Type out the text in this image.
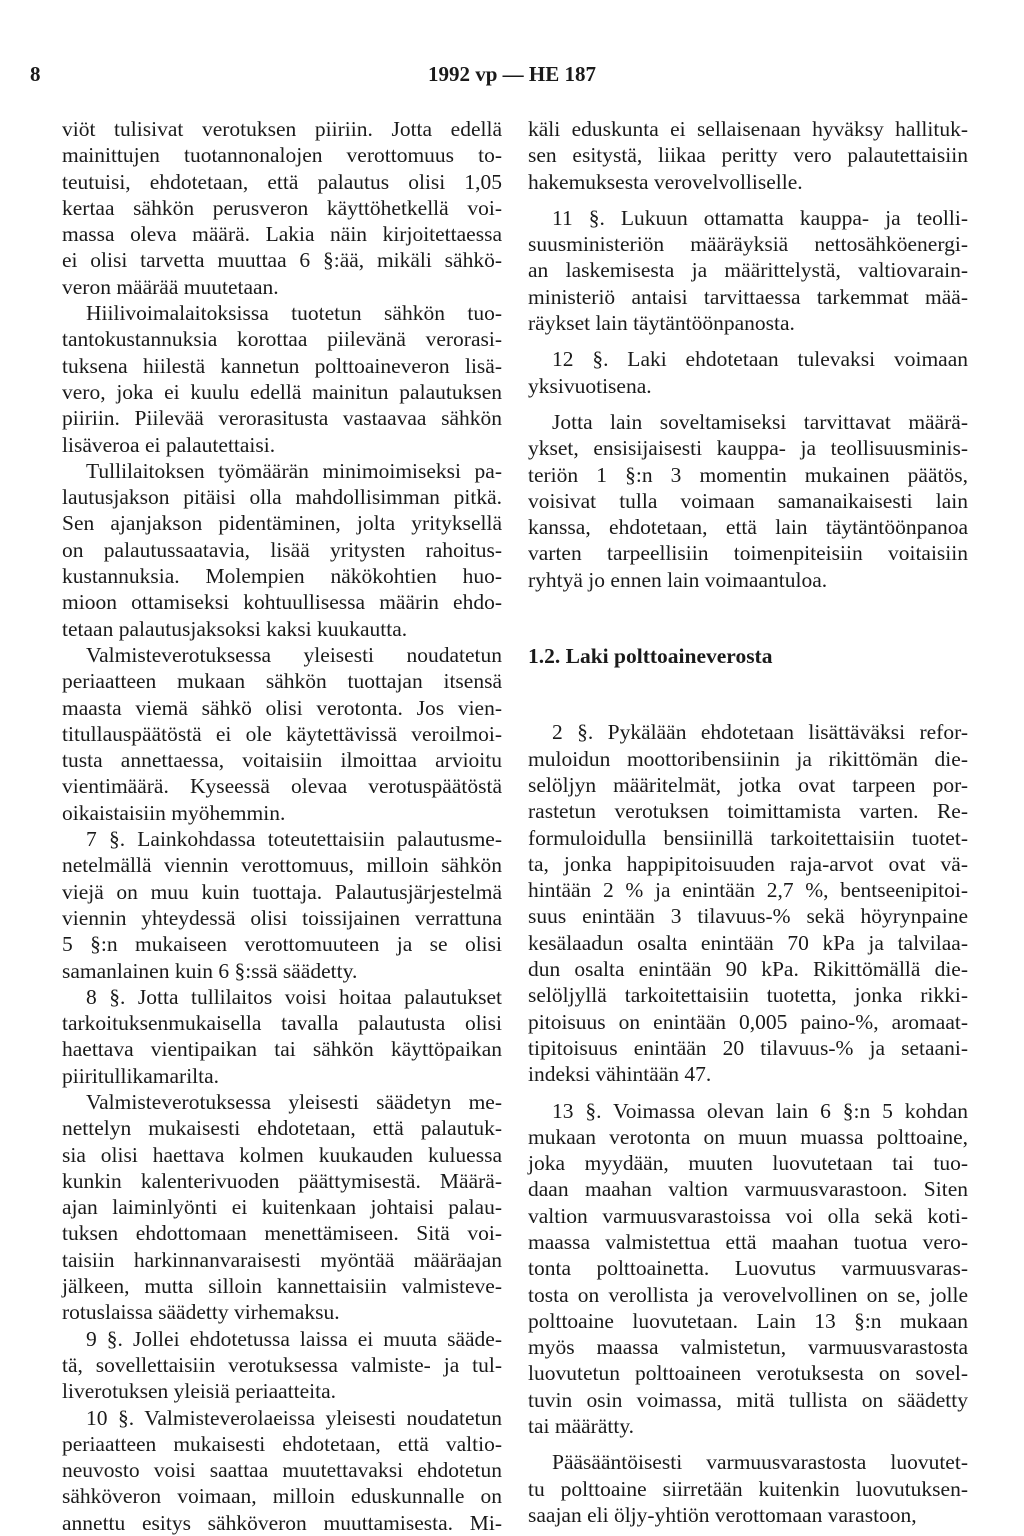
8	1992 vp — HE 187

viöt tulisivat verotuksen piiriin. Jotta edellä
mainittujen tuotannonalojen verottomuus to-
teutuisi, ehdotetaan, että palautus olisi 1,05
kertaa sähkön perusveron käyttöhetkellä voi-
massa oleva määrä. Lakia näin kirjoitettaessa
ei olisi tarvetta muuttaa 6 §:ää, mikäli sähkö-
veron määrää muutetaan.

Hiilivoimalaitoksissa tuotetun sähkön tuo-
tantokustannuksia korottaa piilevänä verorasi-
tuksena hiilestä kannetun polttoaineveron lisä-
vero, joka ei kuulu edellä mainitun palautuksen
piiriin. Piilevää verorasitusta vastaavaa sähkön
lisäveroa ei palautettaisi.

Tullilaitoksen työmäärän minimoimiseksi pa-
lautusjakson pitäisi olla mahdollisimman pitkä.
Sen ajanjakson pidentäminen, jolta yrityksellä
on palautussaatavia, lisää yritysten rahoitus-
kustannuksia. Molempien näkökohtien huo-
mioon ottamiseksi kohtuullisessa määrin ehdo-
tetaan palautusjaksoksi kaksi kuukautta.

Valmisteverotuksessa yleisesti noudatetun
periaatteen mukaan sähkön tuottajan itsensä
maasta viemä sähkö olisi verotonta. Jos vien-
titullauspäätöstä ei ole käytettävissä veroilmoi-
tusta annettaessa, voitaisiin ilmoittaa arvioitu
vientimäärä. Kyseessä olevaa verotuspäätöstä
oikaistaisiin myöhemmin.

7 §. Lainkohdassa toteutettaisiin palautusme-
netelmällä viennin verottomuus, milloin sähkön
viejä on muu kuin tuottaja. Palautusjärjestelmä
viennin yhteydessä olisi toissijainen verrattuna
5 §:n mukaiseen verottomuuteen ja se olisi
samanlainen kuin 6 §:ssä säädetty.

8 §. Jotta tullilaitos voisi hoitaa palautukset
tarkoituksenmukaisella tavalla palautusta olisi
haettava vientipaikan tai sähkön käyttöpaikan
piiritullikamarilta.

Valmisteverotuksessa yleisesti säädetyn me-
nettelyn mukaisesti ehdotetaan, että palautuk-
sia olisi haettava kolmen kuukauden kuluessa
kunkin kalenterivuoden päättymisestä. Määrä-
ajan laiminlyönti ei kuitenkaan johtaisi palau-
tuksen ehdottomaan menettämiseen. Sitä voi-
taisiin harkinnanvaraisesti myöntää määräajan
jälkeen, mutta silloin kannettaisiin valmisteve-
rotuslaissa säädetty virhemaksu.

9 §. Jollei ehdotetussa laissa ei muuta sääde-
tä, sovellettaisiin verotuksessa valmiste- ja tul-
liverotuksen yleisiä periaatteita.

10 §. Valmisteverolaeissa yleisesti noudatetun
periaatteen mukaisesti ehdotetaan, että valtio-
neuvosto voisi saattaa muutettavaksi ehdotetun
sähköveron voimaan, milloin eduskunnalle on
annettu esitys sähköveron muuttamisesta. Mi-

käli eduskunta ei sellaisenaan hyväksy hallituk-
sen esitystä, liikaa peritty vero palautettaisiin
hakemuksesta verovelvolliselle.

11 §. Lukuun ottamatta kauppa- ja teolli-
suusministeriön määräyksiä nettosähköenergi-
an laskemisesta ja määrittelystä, valtiovarain-
ministeriö antaisi tarvittaessa tarkemmat mää-
räykset lain täytäntöönpanosta.

12 §. Laki ehdotetaan tulevaksi voimaan
yksivuotisena.

Jotta lain soveltamiseksi tarvittavat määrä-
ykset, ensisijaisesti kauppa- ja teollisuusminis-
teriön 1 §:n 3 momentin mukainen päätös,
voisivat tulla voimaan samanaikaisesti lain
kanssa, ehdotetaan, että lain täytäntöönpanoa
varten tarpeellisiin toimenpiteisiin voitaisiin
ryhtyä jo ennen lain voimaantuloa.

1.2. Laki polttoaineverosta

2 §. Pykälään ehdotetaan lisättäväksi refor-
muloidun moottoribensiinin ja rikittömän die-
selöljyn määritelmät, jotka ovat tarpeen por-
rastetun verotuksen toimittamista varten. Re-
formuloidulla bensiinillä tarkoitettaisiin tuotet-
ta, jonka happipitoisuuden raja-arvot ovat vä-
hintään 2 % ja enintään 2,7 %, bentseenipitoi-
suus enintään 3 tilavuus-% sekä höyrynpaine
kesälaadun osalta enintään 70 kPa ja talvilaa-
dun osalta enintään 90 kPa. Rikittömällä die-
selöljyllä tarkoitettaisiin tuotetta, jonka rikki-
pitoisuus on enintään 0,005 paino-%, aromaat-
tipitoisuus enintään 20 tilavuus-% ja setaani-
indeksi vähintään 47.

13 §. Voimassa olevan lain 6 §:n 5 kohdan
mukaan verotonta on muun muassa polttoaine,
joka myydään, muuten luovutetaan tai tuo-
daan maahan valtion varmuusvarastoon. Siten
valtion varmuusvarastoissa voi olla sekä koti-
maassa valmistettua että maahan tuotua vero-
tonta polttoainetta. Luovutus varmuusvaras-
tosta on verollista ja verovelvollinen on se, jolle
polttoaine luovutetaan. Lain 13 §:n mukaan
myös maassa valmistetun, varmuusvarastosta
luovutetun polttoaineen verotuksesta on sovel-
tuvin osin voimassa, mitä tullista on säädetty
tai määrätty.

Pääsääntöisesti varmuusvarastosta luovutet-
tu polttoaine siirretään kuitenkin luovutuksen-
saajan eli öljy-yhtiön verottomaan varastoon,
